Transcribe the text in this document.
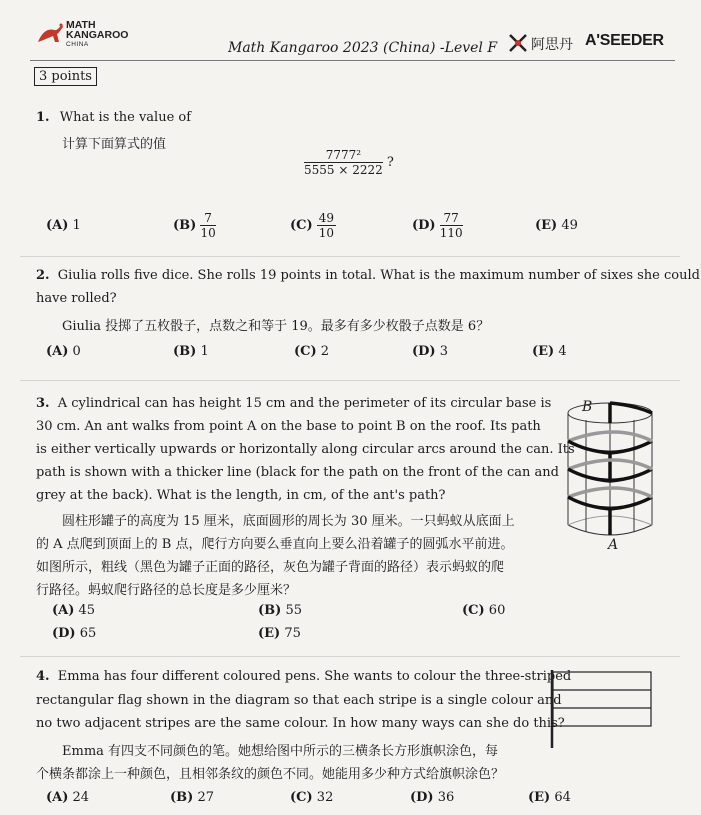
MATH
KANGAROO
CHINA	Math Kangaroo 2023 (China) -Level F 阿思丹 A'SEEDER
3 points
1. What is the value of
计算下面算式的值
$\frac{\text{7777²}}{5555 \times 2222}$ ?
(A) 1	$(B) \frac{7}{10}$	$(C) \frac{49}{10}$	$(D) \frac{77}{110}$	(E) 49
2. Giulia rolls five dice. She rolls 19 points in total. What is the maximum number of sixes she could
have rolled?
Giulia 投掷了五枚骰子，点数之和等于 19。最多有多少枚骰子点数是 6？
(A) 0	(B) 1	(C) 2	(D) 3	(E) 4
3. A cylindrical can has height 15 cm and the perimeter of its circular base is
30 cm. An ant walks from point A on the base to point B on the roof. Its path
is either vertically upwards or horizontally along circular arcs around the can. Its
path is shown with a thicker line (black for the path on the front of the can and
grey at the back). What is the length, in cm, of the ant's path?
圆柱形罐子的高度为 15 厘米，底面圆形的周长为 30 厘米。一只蚂蚁从底面上
的 A 点爬到顶面上的 B 点，爬行方向要么垂直向上要么沿着罐子的圆弧水平前进。
如图所示，粗线（黑色为罐子正面的路径，灰色为罐子背面的路径）表示蚂蚁的爬
行路径。蚂蚁爬行路径的总长度是多少厘米？
B
A
(A) 45	(B) 55	(C) 60
(D) 65	(E) 75
4. Emma has four different coloured pens. She wants to colour the three-striped
rectangular flag shown in the diagram so that each stripe is a single colour and
no two adjacent stripes are the same colour. In how many ways can she do this?
Emma 有四支不同颜色的笔。她想给图中所示的三横条长方形旗帜涂色，每
个横条都涂上一种颜色，且相邻条纹的颜色不同。她能用多少种方式给旗帜涂色？
(A) 24	(B) 27	(C) 32	(D) 36	(E) 64
